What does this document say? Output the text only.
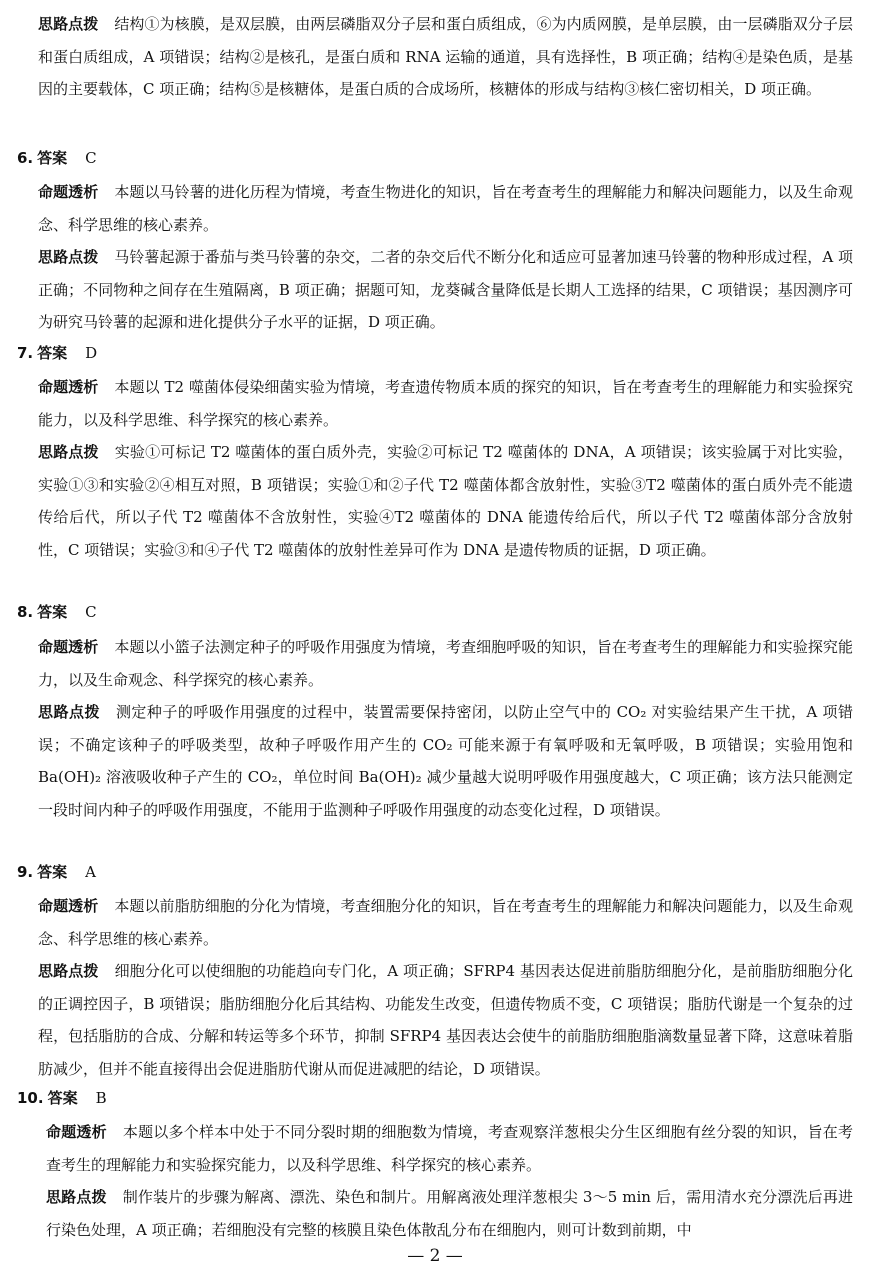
思路点拨 结构①为核膜，是双层膜，由两层磷脂双分子层和蛋白质组成，⑥为内质网膜，是单层膜，由一层磷脂双分子层和蛋白质组成，A 项错误；结构②是核孔，是蛋白质和 RNA 运输的通道，具有选择性，B 项正确；结构④是染色质，是基因的主要载体，C 项正确；结构⑤是核糖体，是蛋白质的合成场所，核糖体的形成与结构③核仁密切相关，D 项正确。
6. 答案 C
命题透析 本题以马铃薯的进化历程为情境，考查生物进化的知识，旨在考查考生的理解能力和解决问题能力，以及生命观念、科学思维的核心素养。
思路点拨 马铃薯起源于番茄与类马铃薯的杂交，二者的杂交后代不断分化和适应可显著加速马铃薯的物种形成过程，A 项正确；不同物种之间存在生殖隔离，B 项正确；据题可知，龙葵碱含量降低是长期人工选择的结果，C 项错误；基因测序可为研究马铃薯的起源和进化提供分子水平的证据，D 项正确。
7. 答案 D
命题透析 本题以 T2 噬菌体侵染细菌实验为情境，考查遗传物质本质的探究的知识，旨在考查考生的理解能力和实验探究能力，以及科学思维、科学探究的核心素养。
思路点拨 实验①可标记 T2 噬菌体的蛋白质外壳，实验②可标记 T2 噬菌体的 DNA，A 项错误；该实验属于对比实验，实验①③和实验②④相互对照，B 项错误；实验①和②子代 T2 噬菌体都含放射性，实验③T2 噬菌体的蛋白质外壳不能遗传给后代，所以子代 T2 噬菌体不含放射性，实验④T2 噬菌体的 DNA 能遗传给后代，所以子代 T2 噬菌体部分含放射性，C 项错误；实验③和④子代 T2 噬菌体的放射性差异可作为 DNA 是遗传物质的证据，D 项正确。
8. 答案 C
命题透析 本题以小篮子法测定种子的呼吸作用强度为情境，考查细胞呼吸的知识，旨在考查考生的理解能力和实验探究能力，以及生命观念、科学探究的核心素养。
思路点拨 测定种子的呼吸作用强度的过程中，装置需要保持密闭，以防止空气中的 CO₂ 对实验结果产生干扰，A 项错误；不确定该种子的呼吸类型，故种子呼吸作用产生的 CO₂ 可能来源于有氧呼吸和无氧呼吸，B 项错误；实验用饱和 Ba(OH)₂ 溶液吸收种子产生的 CO₂，单位时间 Ba(OH)₂ 减少量越大说明呼吸作用强度越大，C 项正确；该方法只能测定一段时间内种子的呼吸作用强度，不能用于监测种子呼吸作用强度的动态变化过程，D 项错误。
9. 答案 A
命题透析 本题以前脂肪细胞的分化为情境，考查细胞分化的知识，旨在考查考生的理解能力和解决问题能力，以及生命观念、科学思维的核心素养。
思路点拨 细胞分化可以使细胞的功能趋向专门化，A 项正确；SFRP4 基因表达促进前脂肪细胞分化，是前脂肪细胞分化的正调控因子，B 项错误；脂肪细胞分化后其结构、功能发生改变，但遗传物质不变，C 项错误；脂肪代谢是一个复杂的过程，包括脂肪的合成、分解和转运等多个环节，抑制 SFRP4 基因表达会使牛的前脂肪细胞脂滴数量显著下降，这意味着脂肪减少，但并不能直接得出会促进脂肪代谢从而促进减肥的结论，D 项错误。
10. 答案 B
命题透析 本题以多个样本中处于不同分裂时期的细胞数为情境，考查观察洋葱根尖分生区细胞有丝分裂的知识，旨在考查考生的理解能力和实验探究能力，以及科学思维、科学探究的核心素养。
思路点拨 制作装片的步骤为解离、漂洗、染色和制片。用解离液处理洋葱根尖 3～5 min 后，需用清水充分漂洗后再进行染色处理，A 项正确；若细胞没有完整的核膜且染色体散乱分布在细胞内，则可计数到前期，中
— 2 —
